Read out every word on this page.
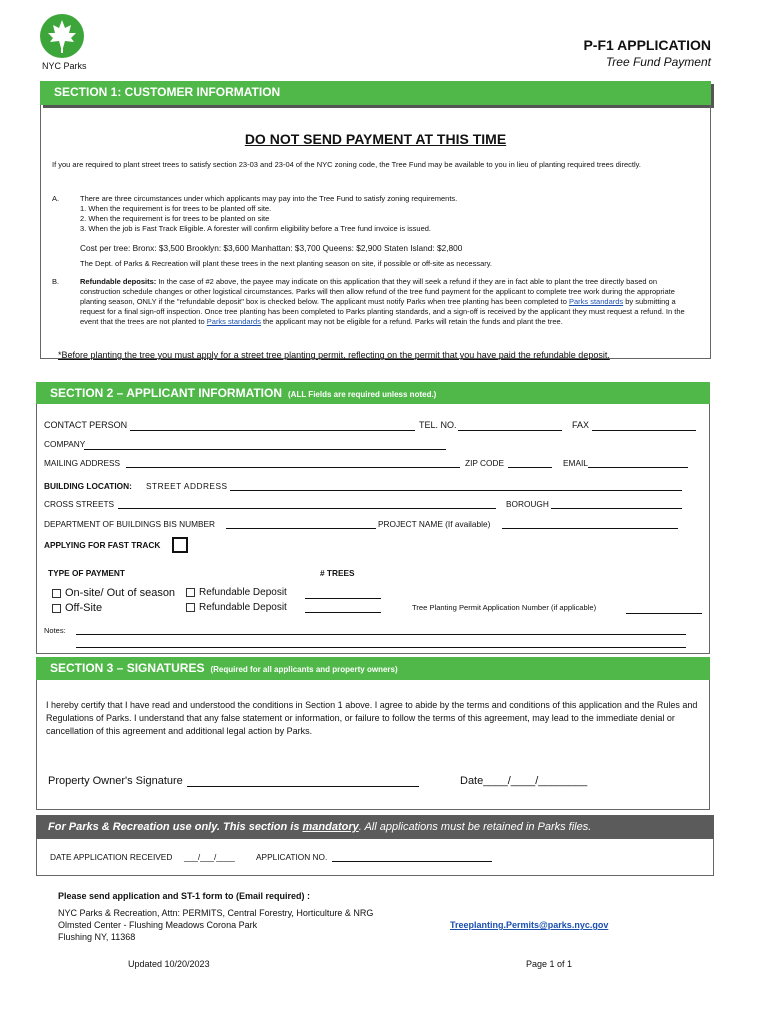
NYC Parks
P-F1 APPLICATION
Tree Fund Payment
SECTION 1: CUSTOMER INFORMATION
DO NOT SEND PAYMENT AT THIS TIME
If you are required to plant street trees to satisfy section 23-03 and 23-04 of the NYC zoning code, the Tree Fund may be available to you in lieu of planting required trees directly.
A.	There are three circumstances under which applicants may pay into the Tree Fund to satisfy zoning requirements.
1. When the requirement is for trees to be planted off site.
2. When the requirement is for trees to be planted on site
3. When the job is Fast Track Eligible. A forester will confirm eligibility before a Tree fund invoice is issued.
Cost per tree: Bronx: $3,500 Brooklyn: $3,600 Manhattan: $3,700 Queens: $2,900 Staten Island: $2,800
The Dept. of Parks & Recreation will plant these trees in the next planting season on site, if possible or off-site as necessary.
B.	Refundable deposits: In the case of #2 above, the payee may indicate on this application that they will seek a refund if they are in fact able to plant the tree directly based on construction schedule changes or other logistical circumstances. Parks will then allow refund of the tree fund payment for the applicant to complete tree work during the appropriate planting season, ONLY if the "refundable deposit" box is checked below. The applicant must notify Parks when tree planting has been completed to Parks standards by submitting a request for a final sign-off inspection. Once tree planting has been completed to Parks planting standards, and a sign-off is received by the applicant they must request a refund. In the event that the trees are not planted to Parks standards the applicant may not be eligible for a refund. Parks will retain the funds and plant the tree.
*Before planting the tree you must apply for a street tree planting permit, reflecting on the permit that you have paid the refundable deposit.
SECTION 2 – APPLICANT INFORMATION (ALL Fields are required unless noted.)
CONTACT PERSON	TEL. NO.	FAX
COMPANY
MAILING ADDRESS	ZIP CODE	EMAIL
BUILDING LOCATION: STREET ADDRESS
CROSS STREETS	BOROUGH
DEPARTMENT OF BUILDINGS BIS NUMBER	PROJECT NAME (If available)
APPLYING FOR FAST TRACK
TYPE OF PAYMENT	# TREES
On-site/ Out of season	Refundable Deposit
Off-Site	Refundable Deposit	Tree Planting Permit Application Number (if applicable)
Notes:
SECTION 3 – SIGNATURES (Required for all applicants and property owners)
I hereby certify that I have read and understood the conditions in Section 1 above. I agree to abide by the terms and conditions of this application and the Rules and Regulations of Parks. I understand that any false statement or information, or failure to follow the terms of this agreement, may lead to the immediate denial or cancellation of this agreement and additional legal action by Parks.
Property Owner's Signature	Date____/____/________
For Parks & Recreation use only. This section is mandatory. All applications must be retained in Parks files.
DATE APPLICATION RECEIVED ___/___/____	APPLICATION NO.
Please send application and ST-1 form to (Email required) :
NYC Parks & Recreation, Attn: PERMITS, Central Forestry, Horticulture & NRG
Olmsted Center - Flushing Meadows Corona Park
Flushing NY, 11368
Treeplanting.Permits@parks.nyc.gov
Updated 10/20/2023	Page 1 of 1
